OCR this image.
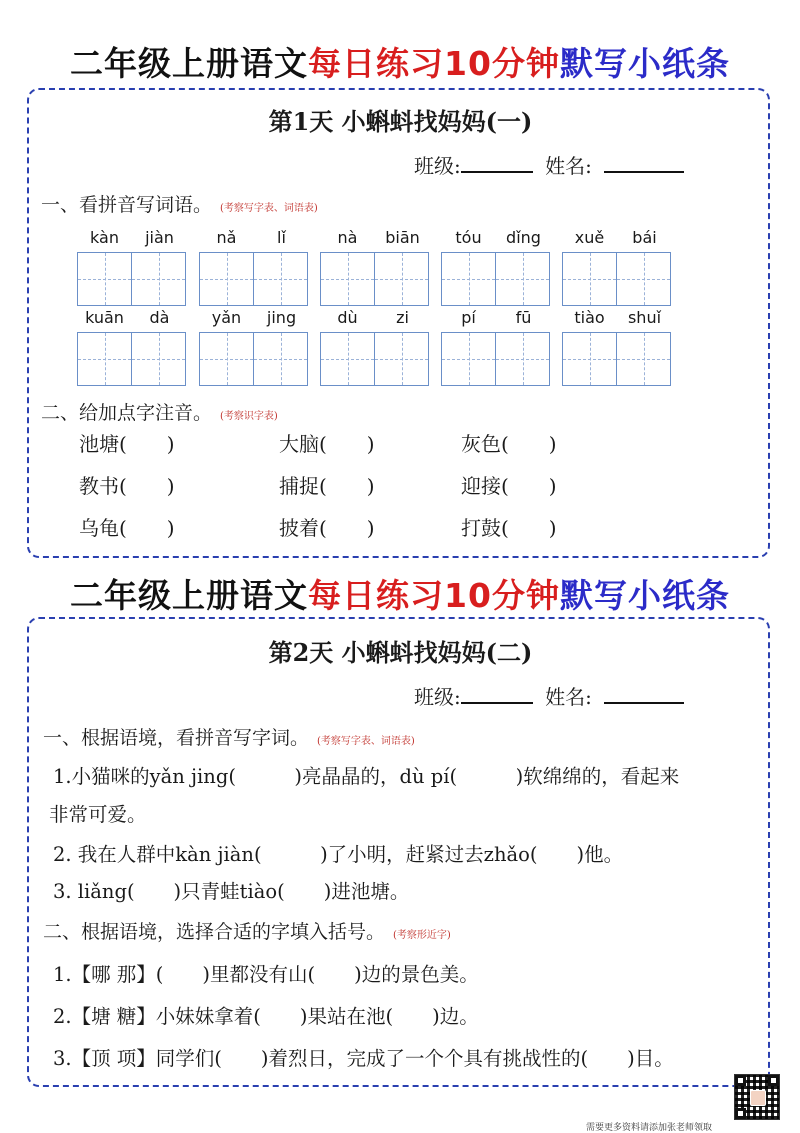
二年级上册语文每日练习10分钟默写小纸条
第1天 小蝌蚪找妈妈(一)
班级:	姓名:
一、看拼音写词语。 (考察写字表、词语表)
kàn	jiàn	nǎ	lǐ	nà	biān	tóu	dǐng	xuě	bái
kuān	dà	yǎn	jing	dù	zi	pí	fū	tiào	shuǐ
二、给加点字注音。 (考察识字表)
池塘(　　)	大脑(　　)	灰色(　　)
教书(　　)	捕捉(　　)	迎接(　　)
乌龟(　　)	披着(　　)	打鼓(　　)
二年级上册语文每日练习10分钟默写小纸条
第2天 小蝌蚪找妈妈(二)
班级:	姓名:
一、根据语境，看拼音写字词。 (考察写字表、词语表)
1.小猫咪的yǎn jing(　　　)亮晶晶的，dù pí(　　　)软绵绵的，看起来
非常可爱。
2. 我在人群中kàn jiàn(　　　)了小明，赶紧过去zhǎo(　　)他。
3. liǎng(　　)只青蛙tiào(　　)进池塘。
二、根据语境，选择合适的字填入括号。 (考察形近字)
1.【哪 那】(　　)里都没有山(　　)边的景色美。
2.【塘 糖】小妹妹拿着(　　)果站在池(　　)边。
3.【顶 项】同学们(　　)着烈日，完成了一个个具有挑战性的(　　)目。
需要更多资料请添加张老师领取
